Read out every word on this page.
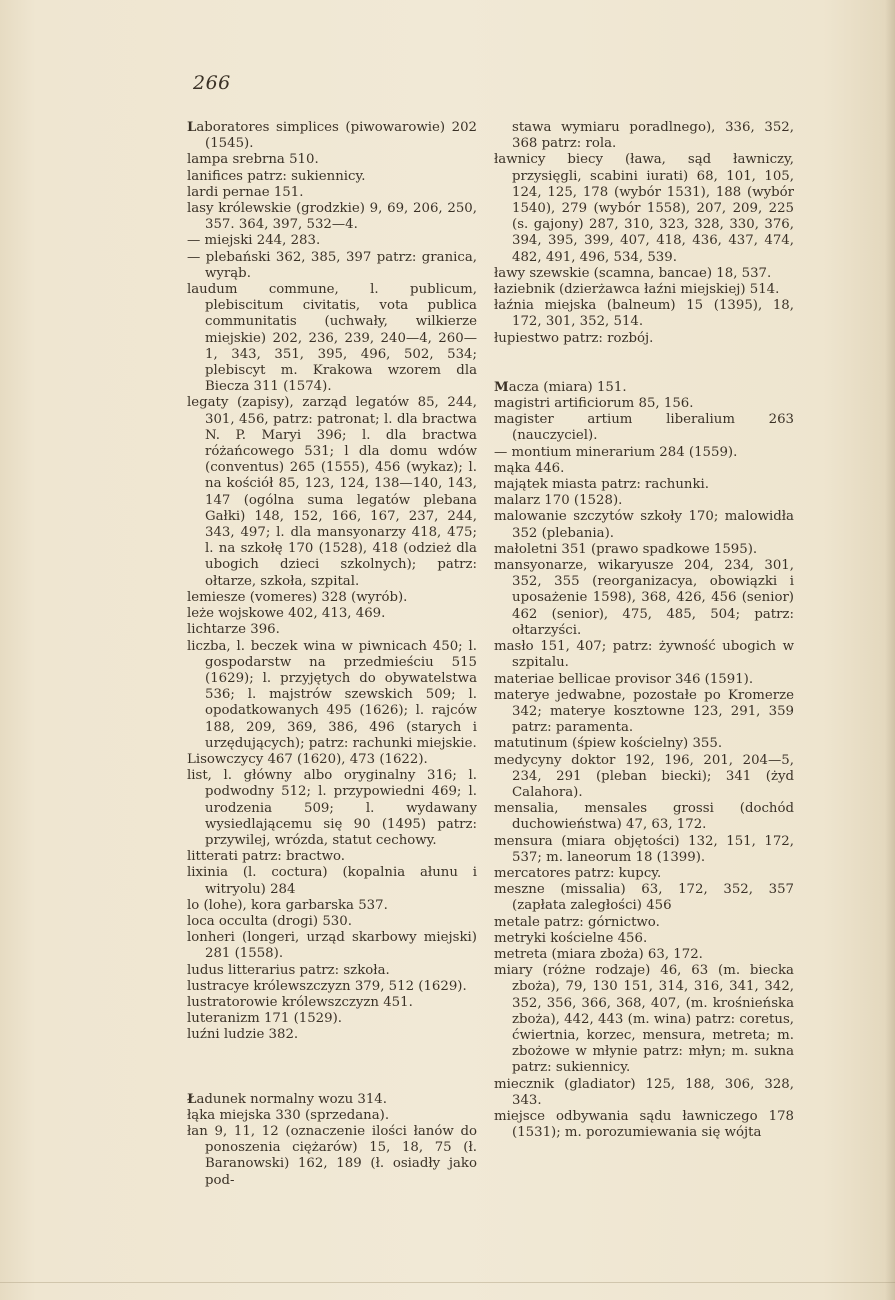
266

Laboratores simplices (piwowarowie) 202 (1545).

lampa srebrna 510.

lanifices patrz: sukiennicy.

lardi pernae 151.

lasy królewskie (grodzkie) 9, 69, 206, 250, 357. 364, 397, 532—4.

— miejski 244, 283.

— plebański 362, 385, 397 patrz: granica, wyrąb.

laudum commune, l. publicum, plebiscitum civitatis, vota publica communitatis (uchwały, wilkierze miejskie) 202, 236, 239, 240—4, 260—1, 343, 351, 395, 496, 502, 534; plebiscyt m. Krakowa wzorem dla Biecza 311 (1574).

legaty (zapisy), zarząd legatów 85, 244, 301, 456, patrz: patronat; l. dla bractwa N. P. Maryi 396; l. dla bractwa różańcowego 531; l dla domu wdów (conventus) 265 (1555), 456 (wykaz); l. na kościół 85, 123, 124, 138—140, 143, 147 (ogólna suma legatów plebana Gałki) 148, 152, 166, 167, 237, 244, 343, 497; l. dla mansyonarzy 418, 475; l. na szkołę 170 (1528), 418 (odzież dla ubogich dzieci szkolnych); patrz: ołtarze, szkoła, szpital.

lemiesze (vomeres) 328 (wyrób).

leże wojskowe 402, 413, 469.

lichtarze 396.

liczba, l. beczek wina w piwnicach 450; l. gospodarstw na przedmieściu 515 (1629); l. przyjętych do obywatelstwa 536; l. majstrów szewskich 509; l. opodatkowanych 495 (1626); l. rajców 188, 209, 369, 386, 496 (starych i urzędujących); patrz: rachunki miejskie.

Lisowczycy 467 (1620), 473 (1622).

list, l. główny albo oryginalny 316; l. podwodny 512; l. przypowiedni 469; l. urodzenia 509; l. wydawany wysiedlającemu się 90 (1495) patrz: przywilej, wrózda, statut cechowy.

litterati patrz: bractwo.

lixinia (l. coctura) (kopalnia ałunu i witryolu) 284

lo (lohe), kora garbarska 537.

loca occulta (drogi) 530.

lonheri (longeri, urząd skarbowy miejski) 281 (1558).

ludus litterarius patrz: szkoła.

lustracye królewszczyzn 379, 512 (1629).

lustratorowie królewszczyzn 451.

luteranizm 171 (1529).

luźni ludzie 382.

Ładunek normalny wozu 314.

łąka miejska 330 (sprzedana).

łan 9, 11, 12 (oznaczenie ilości łanów do ponoszenia ciężarów) 15, 18, 75 (ł. Baranowski) 162, 189 (ł. osiadły jako pod-

stawa wymiaru poradlnego), 336, 352, 368 patrz: rola.

ławnicy biecy (ława, sąd ławniczy, przysięgli, scabini iurati) 68, 101, 105, 124, 125, 178 (wybór 1531), 188 (wybór 1540), 279 (wybór 1558), 207, 209, 225 (s. gajony) 287, 310, 323, 328, 330, 376, 394, 395, 399, 407, 418, 436, 437, 474, 482, 491, 496, 534, 539.

ławy szewskie (scamna, bancae) 18, 537.

łaziebnik (dzierżawca łaźni miejskiej) 514.

łaźnia miejska (balneum) 15 (1395), 18, 172, 301, 352, 514.

łupiestwo patrz: rozbój.

Macza (miara) 151.

magistri artificiorum 85, 156.

magister artium liberalium 263 (nauczyciel).

— montium minerarium 284 (1559).

mąka 446.

majątek miasta patrz: rachunki.

malarz 170 (1528).

malowanie szczytów szkoły 170; malowidła 352 (plebania).

małoletni 351 (prawo spadkowe 1595).

mansyonarze, wikaryusze 204, 234, 301, 352, 355 (reorganizacya, obowiązki i uposażenie 1598), 368, 426, 456 (senior) 462 (senior), 475, 485, 504; patrz: ołtarzyści.

masło 151, 407; patrz: żywność ubogich w szpitalu.

materiae bellicae provisor 346 (1591).

materye jedwabne, pozostałe po Kromerze 342; materye kosztowne 123, 291, 359 patrz: paramenta.

matutinum (śpiew kościelny) 355.

medycyny doktor 192, 196, 201, 204—5, 234, 291 (pleban biecki); 341 (żyd Calahora).

mensalia, mensales grossi (dochód duchowieństwa) 47, 63, 172.

mensura (miara objętości) 132, 151, 172, 537; m. laneorum 18 (1399).

mercatores patrz: kupcy.

meszne (missalia) 63, 172, 352, 357 (zapłata zaległości) 456

metale patrz: górnictwo.

metryki kościelne 456.

metreta (miara zboża) 63, 172.

miary (różne rodzaje) 46, 63 (m. biecka zboża), 79, 130 151, 314, 316, 341, 342, 352, 356, 366, 368, 407, (m. krośnieńska zboża), 442, 443 (m. wina) patrz: coretus, ćwiertnia, korzec, mensura, metreta; m. zbożowe w młynie patrz: młyn; m. sukna patrz: sukiennicy.

miecznik (gladiator) 125, 188, 306, 328, 343.

miejsce odbywania sądu ławniczego 178 (1531); m. porozumiewania się wójta
